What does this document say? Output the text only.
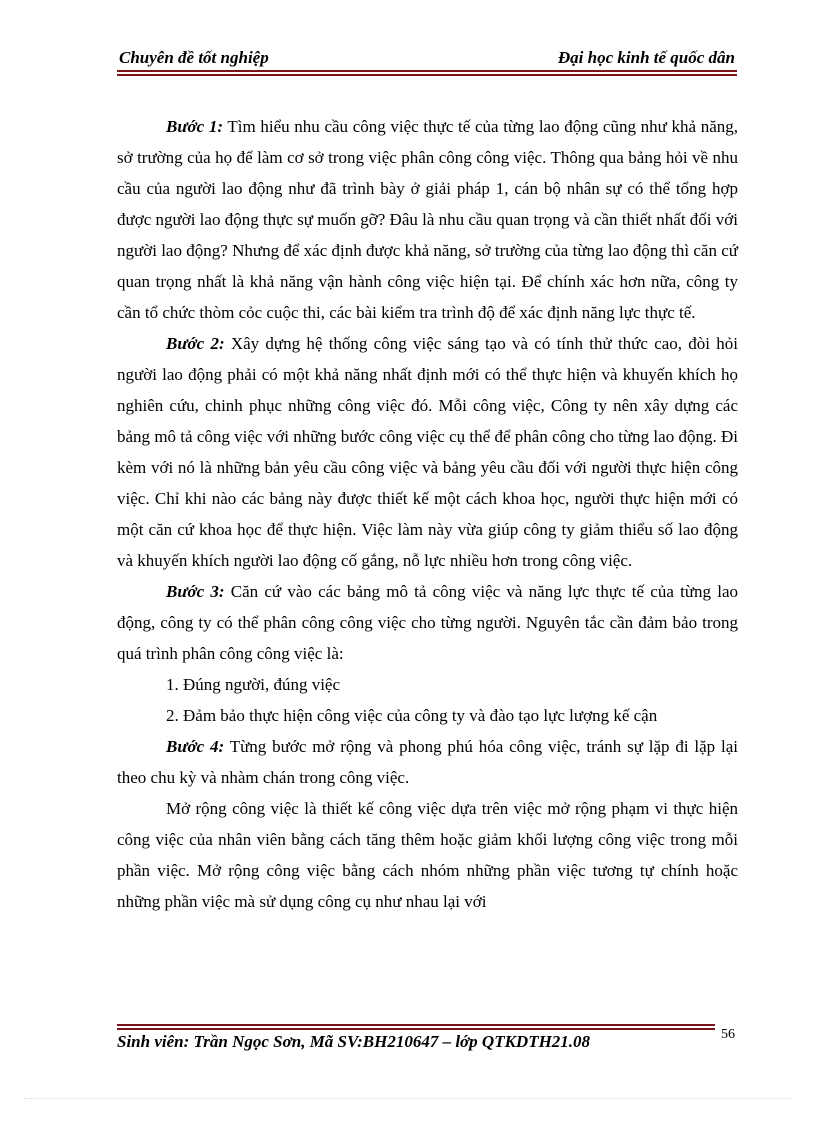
Chuyên đề tốt nghiệp	Đại học kinh tế quốc dân

Bước 1: Tìm hiểu nhu cầu công việc thực tế của từng lao động cũng như khả năng, sở trường của họ để làm cơ sở trong việc phân công công việc. Thông qua bảng hỏi về nhu cầu của người lao động như đã trình bày ở giải pháp 1, cán bộ nhân sự có thể tổng hợp được người lao động thực sự muốn gỡ? Đâu là nhu cầu quan trọng và cần thiết nhất đối với người lao động? Nhưng để xác định được khả năng, sở trường của từng lao động thì căn cứ quan trọng nhất là khả năng vận hành công việc hiện tại. Để chính xác hơn nữa, công ty cần tổ chức thòm cỏc cuộc thi, các bài kiểm tra trình độ để xác định năng lực thực tế.

Bước 2: Xây dựng hệ thống công việc sáng tạo và có tính thử thức cao, đòi hỏi người lao động phải có một khả năng nhất định mới có thể thực hiện và khuyến khích họ nghiên cứu, chinh phục những công việc đó. Mỗi công việc, Công ty nên xây dựng các bảng mô tả công việc với những bước công việc cụ thể để phân công cho từng lao động. Đi kèm với nó là những bản yêu cầu công việc và bảng yêu cầu đối với người thực hiện công việc. Chỉ khi nào các bảng này được thiết kế một cách khoa học, người thực hiện mới có một căn cứ khoa học để thực hiện. Việc làm này vừa giúp công ty giảm thiểu số lao động và khuyến khích người lao động cố gắng, nỗ lực nhiều hơn trong công việc.

Bước 3: Căn cứ vào các bảng mô tả công việc và năng lực thực tế của từng lao động, công ty có thể phân công công việc cho từng người. Nguyên tắc cần đảm bảo trong quá trình phân công công việc là:

1. Đúng người, đúng việc

2. Đảm bảo thực hiện công việc của công ty và đào tạo lực lượng kế cận

Bước 4: Từng bước mở rộng và phong phú hóa công việc, tránh sự lặp đi lặp lại theo chu kỳ và nhàm chán trong công việc.

Mở rộng công việc là thiết kế công việc dựa trên việc mở rộng phạm vi thực hiện công việc của nhân viên bằng cách tăng thêm hoặc giảm khối lượng công việc trong mỗi phần việc. Mở rộng công việc bằng cách nhóm những phần việc tương tự chính hoặc những phần việc mà sử dụng công cụ như nhau lại với

56
Sinh viên: Trần Ngọc Sơn, Mã SV:BH210647 – lớp QTKDTH21.08
